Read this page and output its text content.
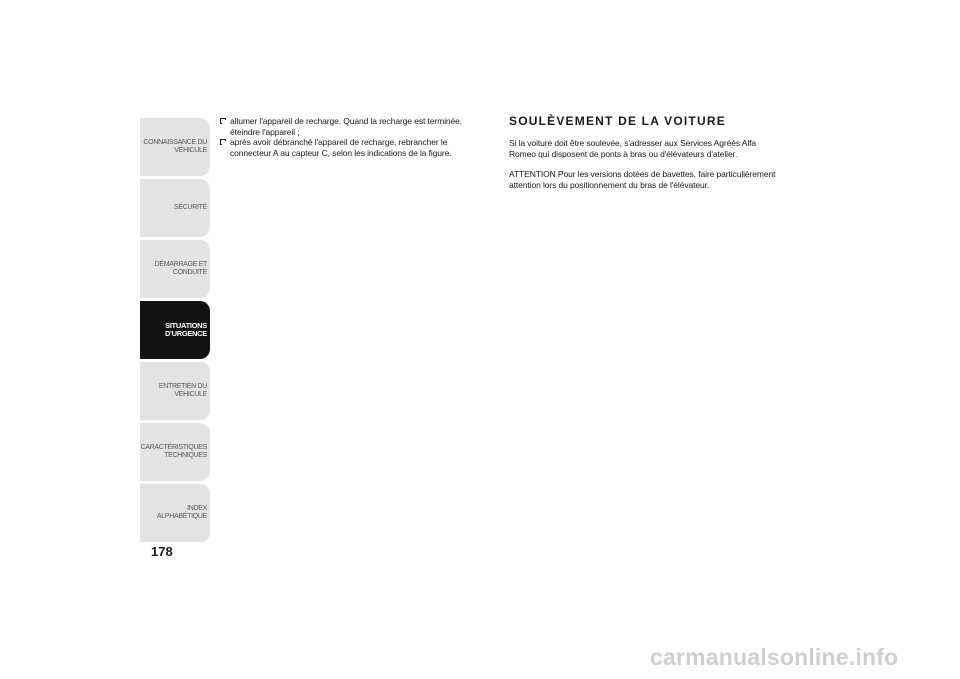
CONNAISSANCE DU
VÉHICULE
SÉCURITÉ
DÉMARRAGE ET
CONDUITE
SITUATIONS
D'URGENCE
ENTRETIEN DU
VÉHICULE
CARACTÉRISTIQUES
TECHNIQUES
INDEX
ALPHABÉTIQUE
178
allumer l'appareil de recharge. Quand la recharge est terminée, éteindre l'appareil ;
après avoir débranché l'appareil de recharge, rebrancher le connecteur A au capteur C, selon les indications de la figure.
SOULÈVEMENT DE LA VOITURE

Si la voiture doit être soulevée, s'adresser aux Services Agréés Alfa Romeo qui disposent de ponts à bras ou d'élévateurs d'atelier.

ATTENTION Pour les versions dotées de bavettes, faire particulièrement attention lors du positionnement du bras de l'élévateur.

carmanualsonline.info
